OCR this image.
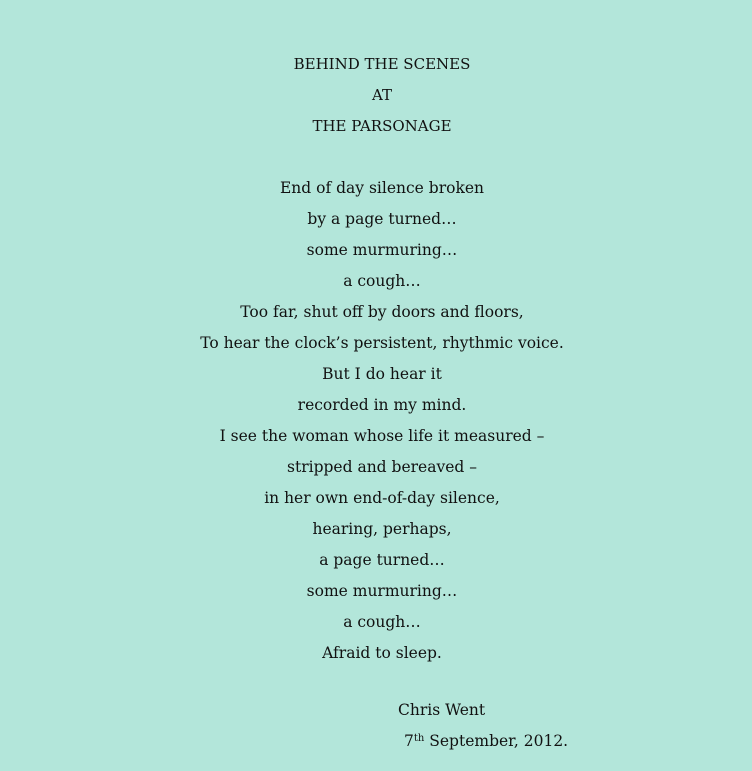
BEHIND THE SCENES
AT
THE PARSONAGE
End of day silence broken
by a page turned…
some murmuring…
a cough…
Too far, shut off by doors and floors,
To hear the clock’s persistent, rhythmic voice.
But I do hear it
recorded in my mind.
I see the woman whose life it measured –
stripped and bereaved –
in her own end-of-day silence,
hearing, perhaps,
a page turned…
some murmuring…
a cough…
Afraid to sleep.
Chris Went
7th September, 2012.
